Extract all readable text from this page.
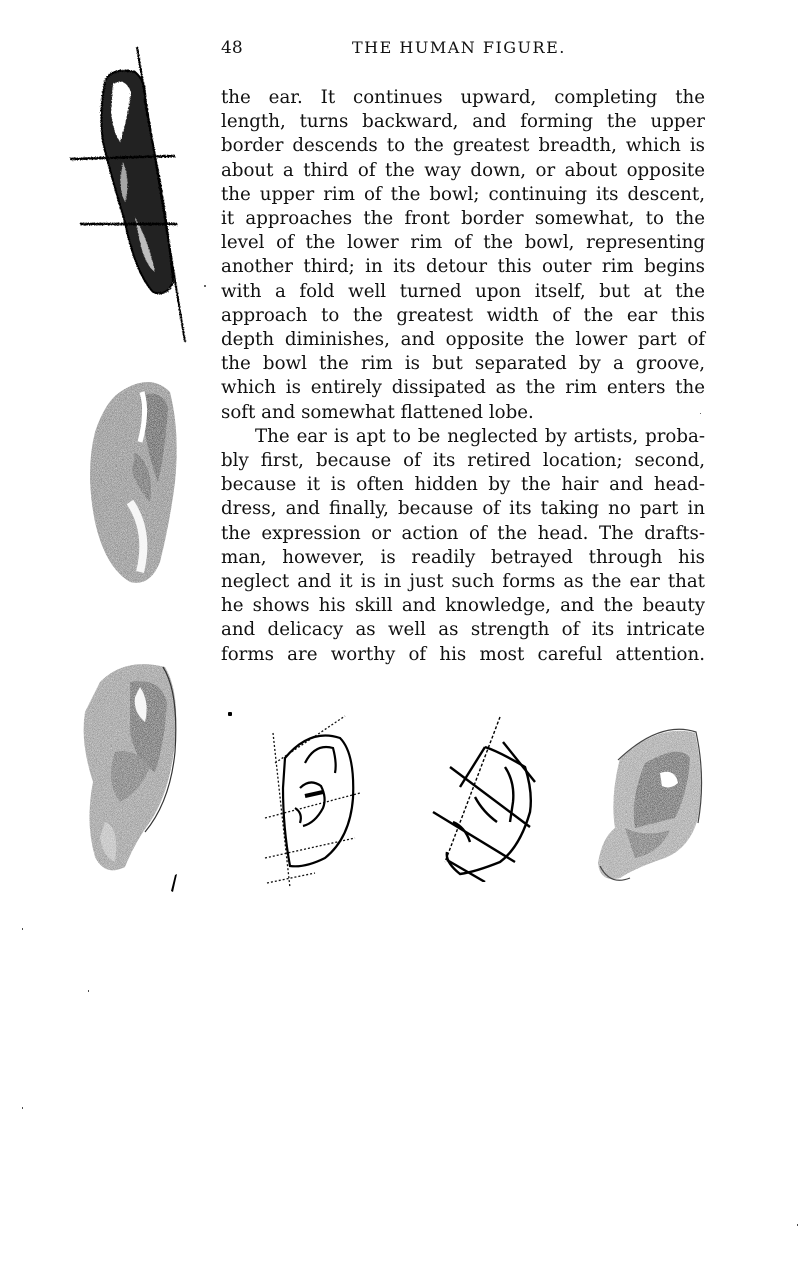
48	THE HUMAN FIGURE.

the ear. It continues upward, completing the
length, turns backward, and forming the upper
border descends to the greatest breadth, which is
about a third of the way down, or about opposite
the upper rim of the bowl; continuing its descent,
it approaches the front border somewhat, to the
level of the lower rim of the bowl, representing
another third; in its detour this outer rim begins
with a fold well turned upon itself, but at the
approach to the greatest width of the ear this
depth diminishes, and opposite the lower part of
the bowl the rim is but separated by a groove,
which is entirely dissipated as the rim enters the
soft and somewhat flattened lobe.

The ear is apt to be neglected by artists, proba-
bly first, because of its retired location; second,
because it is often hidden by the hair and head-
dress, and finally, because of its taking no part in
the expression or action of the head. The drafts-
man, however, is readily betrayed through his
neglect and it is in just such forms as the ear that
he shows his skill and knowledge, and the beauty
and delicacy as well as strength of its intricate
forms are worthy of his most careful attention.
